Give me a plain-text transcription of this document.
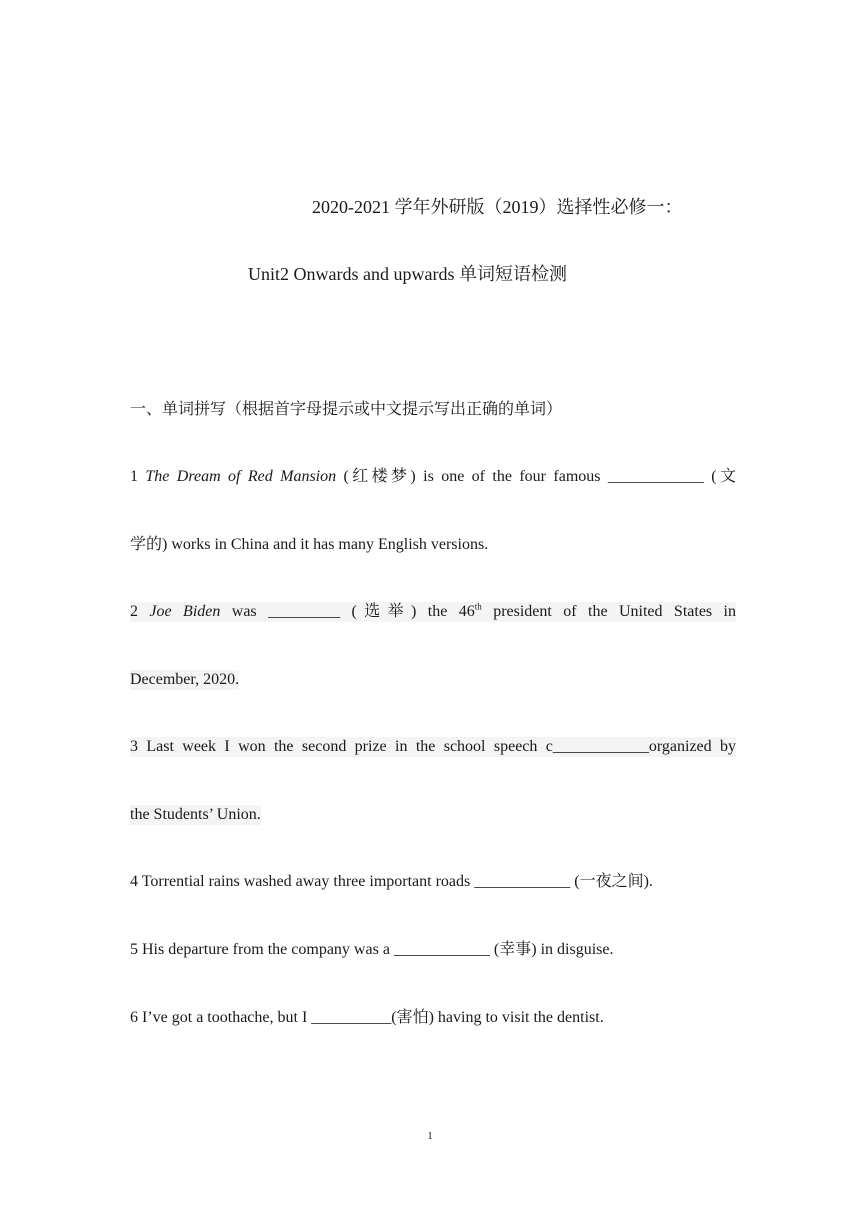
2020-2021 学年外研版（2019）选择性必修一：
Unit2 Onwards and upwards 单词短语检测
一、单词拼写（根据首字母提示或中文提示写出正确的单词）
1 The Dream of Red Mansion (红楼梦) is one of the four famous ____________ (文
学的) works in China and it has many English versions.
2 Joe Biden was _________ (选举) the 46th president of the United States in
December, 2020.
3 Last week I won the second prize in the school speech c____________organized by
the Students’ Union.
4 Torrential rains washed away three important roads ____________ (一夜之间).
5 His departure from the company was a ____________ (幸事) in disguise.
6 I’ve got a toothache, but I __________(害怕) having to visit the dentist.
1
